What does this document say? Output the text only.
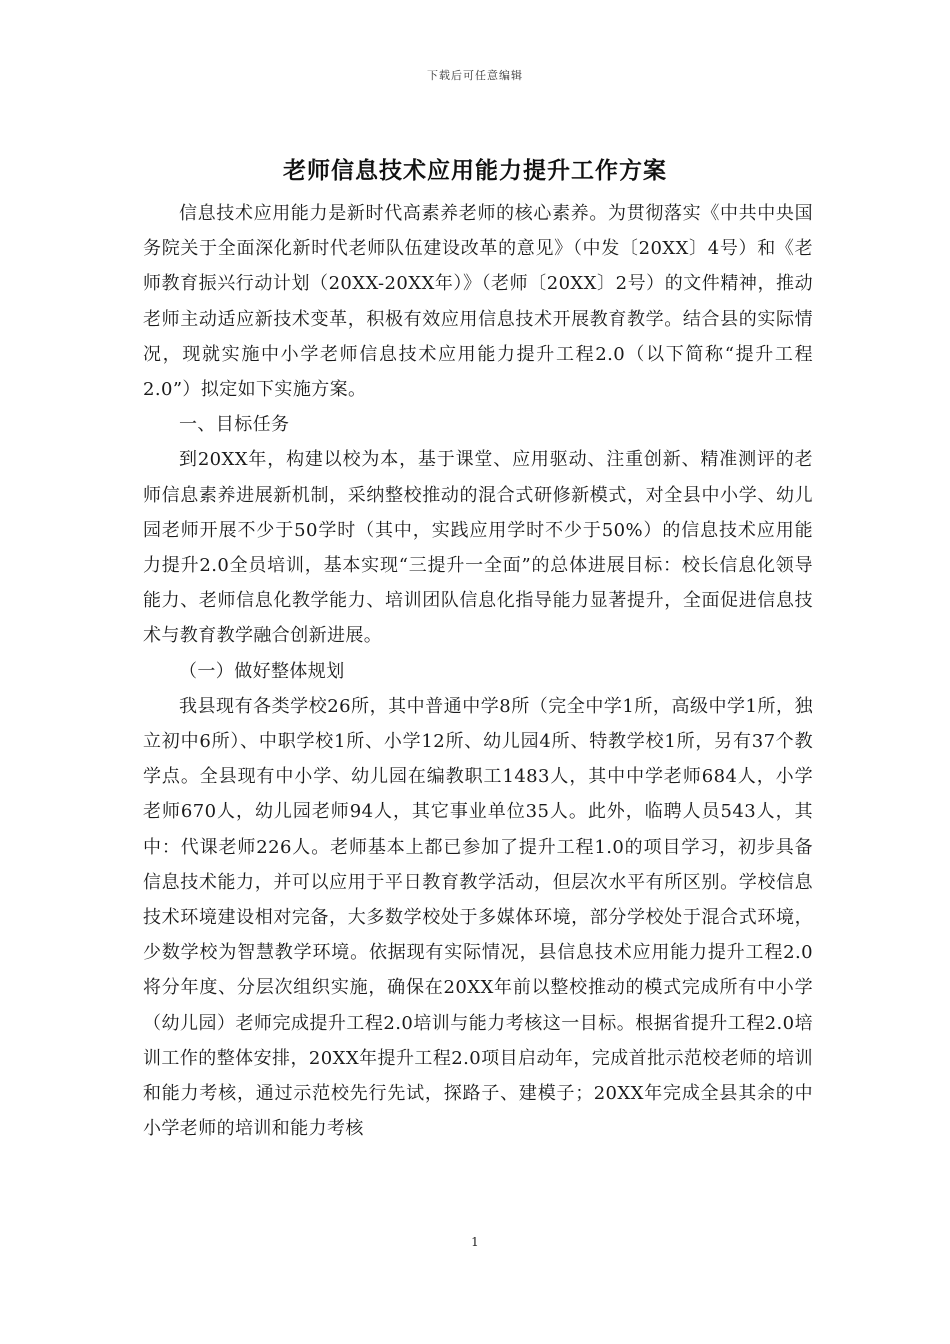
下载后可任意编辑
老师信息技术应用能力提升工作方案

信息技术应用能力是新时代高素养老师的核心素养。为贯彻落实《中共中央国务院关于全面深化新时代老师队伍建设改革的意见》（中发〔20XX〕4号）和《老师教育振兴行动计划（20XX-20XX年）》（老师〔20XX〕2号）的文件精神，推动老师主动适应新技术变革，积极有效应用信息技术开展教育教学。结合县的实际情况，现就实施中小学老师信息技术应用能力提升工程2.0（以下简称“提升工程2.0”）拟定如下实施方案。

一、目标任务

到20XX年，构建以校为本，基于课堂、应用驱动、注重创新、精准测评的老师信息素养进展新机制，采纳整校推动的混合式研修新模式，对全县中小学、幼儿园老师开展不少于50学时（其中，实践应用学时不少于50%）的信息技术应用能力提升2.0全员培训，基本实现“三提升一全面”的总体进展目标：校长信息化领导能力、老师信息化教学能力、培训团队信息化指导能力显著提升，全面促进信息技术与教育教学融合创新进展。

（一）做好整体规划

我县现有各类学校26所，其中普通中学8所（完全中学1所，高级中学1所，独立初中6所）、中职学校1所、小学12所、幼儿园4所、特教学校1所，另有37个教学点。全县现有中小学、幼儿园在编教职工1483人，其中中学老师684人，小学老师670人，幼儿园老师94人，其它事业单位35人。此外，临聘人员543人，其中：代课老师226人。老师基本上都已参加了提升工程1.0的项目学习，初步具备信息技术能力，并可以应用于平日教育教学活动，但层次水平有所区别。学校信息技术环境建设相对完备，大多数学校处于多媒体环境，部分学校处于混合式环境，少数学校为智慧教学环境。依据现有实际情况，县信息技术应用能力提升工程2.0将分年度、分层次组织实施，确保在20XX年前以整校推动的模式完成所有中小学（幼儿园）老师完成提升工程2.0培训与能力考核这一目标。根据省提升工程2.0培训工作的整体安排，20XX年提升工程2.0项目启动年，完成首批示范校老师的培训和能力考核，通过示范校先行先试，探路子、建模子；20XX年完成全县其余的中小学老师的培训和能力考核

1
